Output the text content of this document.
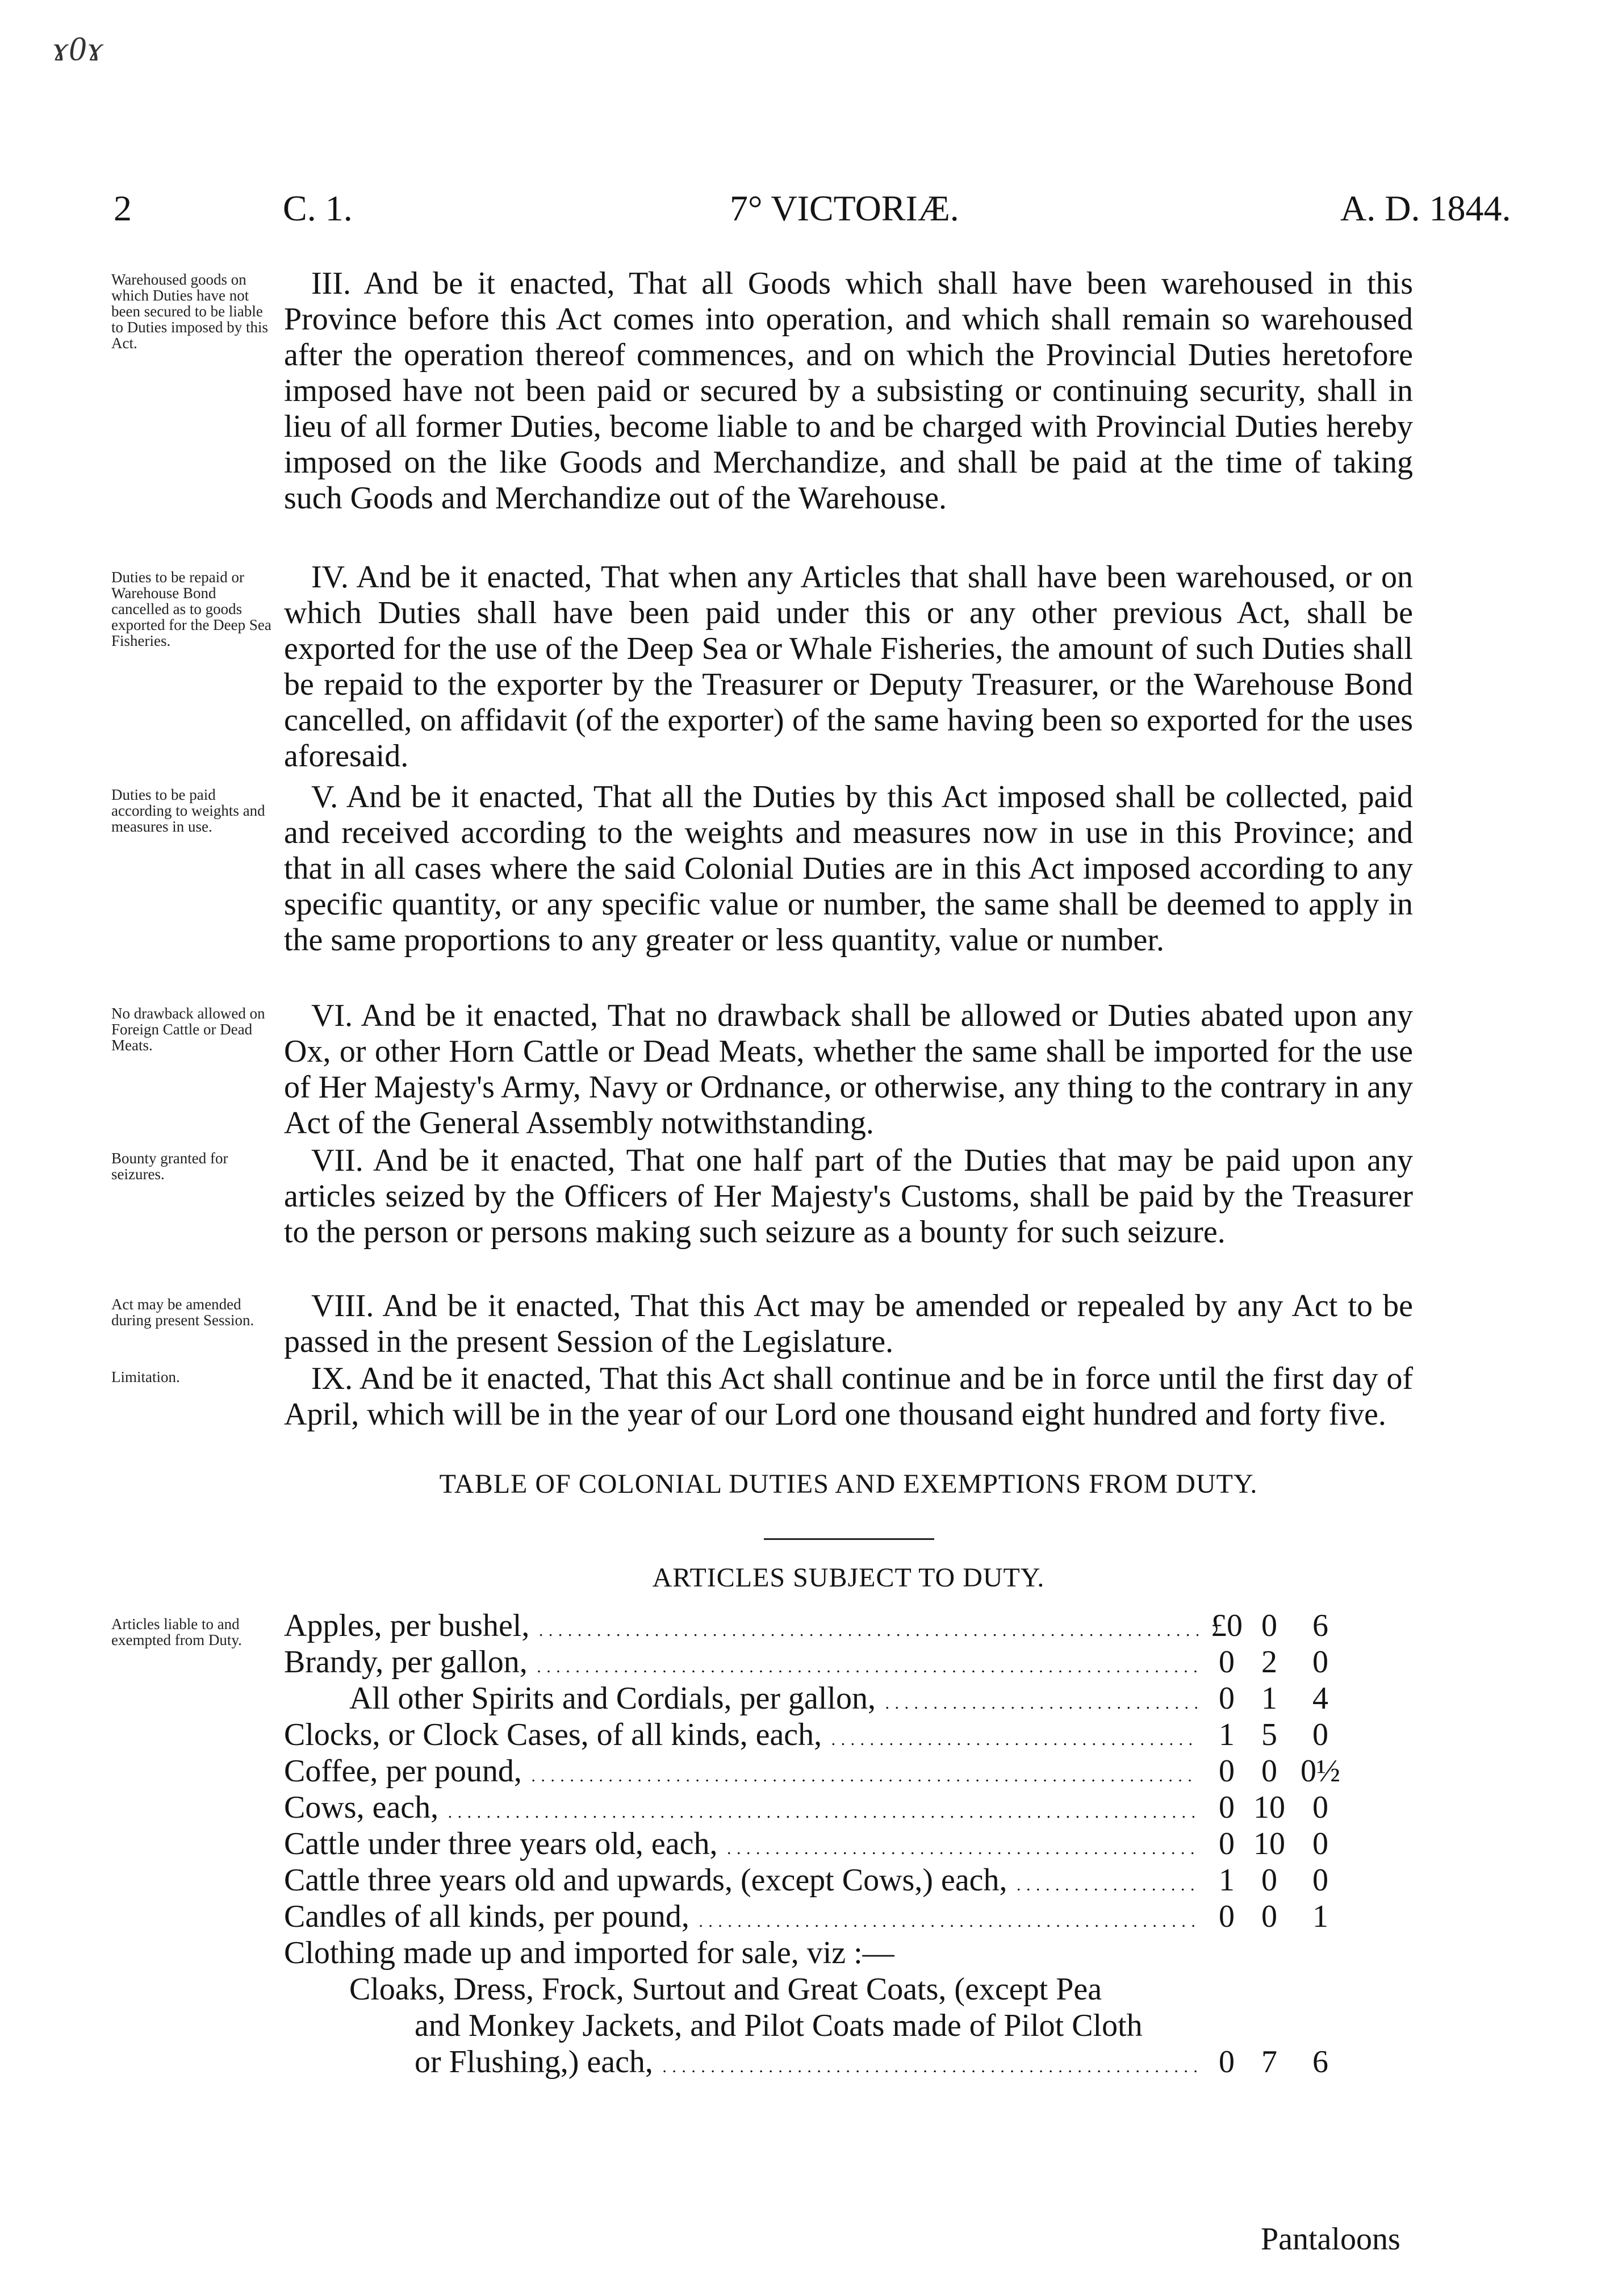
ɤ0ɤ
2	C. 1.	7° VICTORIÆ.	A. D. 1844.
Warehoused goods on which Duties have not been secured to be liable to Duties imposed by this Act.
Duties to be repaid or Warehouse Bond cancelled as to goods exported for the Deep Sea Fisheries.
Duties to be paid according to weights and measures in use.
No drawback allowed on Foreign Cattle or Dead Meats.
Bounty granted for seizures.
Act may be amended during present Session.
Limitation.
Articles liable to and exempted from Duty.

III. And be it enacted, That all Goods which shall have been warehoused in this Province before this Act comes into operation, and which shall remain so warehoused after the operation thereof commences, and on which the Provincial Duties heretofore imposed have not been paid or secured by a subsisting or continuing security, shall in lieu of all former Duties, become liable to and be charged with Provincial Duties hereby imposed on the like Goods and Merchandize, and shall be paid at the time of taking such Goods and Merchandize out of the Warehouse.

IV. And be it enacted, That when any Articles that shall have been warehoused, or on which Duties shall have been paid under this or any other previous Act, shall be exported for the use of the Deep Sea or Whale Fisheries, the amount of such Duties shall be repaid to the exporter by the Treasurer or Deputy Treasurer, or the Warehouse Bond cancelled, on affidavit (of the exporter) of the same having been so exported for the uses aforesaid.

V. And be it enacted, That all the Duties by this Act imposed shall be collected, paid and received according to the weights and measures now in use in this Province; and that in all cases where the said Colonial Duties are in this Act imposed according to any specific quantity, or any specific value or number, the same shall be deemed to apply in the same proportions to any greater or less quantity, value or number.

VI. And be it enacted, That no drawback shall be allowed or Duties abated upon any Ox, or other Horn Cattle or Dead Meats, whether the same shall be imported for the use of Her Majesty's Army, Navy or Ordnance, or otherwise, any thing to the contrary in any Act of the General Assembly notwithstanding.

VII. And be it enacted, That one half part of the Duties that may be paid upon any articles seized by the Officers of Her Majesty's Customs, shall be paid by the Treasurer to the person or persons making such seizure as a bounty for such seizure.

VIII. And be it enacted, That this Act may be amended or repealed by any Act to be passed in the present Session of the Legislature.

IX. And be it enacted, That this Act shall continue and be in force until the first day of April, which will be in the year of our Lord one thousand eight hundred and forty five.

TABLE OF COLONIAL DUTIES AND EXEMPTIONS FROM DUTY.
ARTICLES SUBJECT TO DUTY.
Apples, per bushel, . . .	£0 0	6
Brandy, per gallon, . . .	0 2	0
All other Spirits and Cordials, per gallon, . . .	0 1	4
Clocks, or Clock Cases, of all kinds, each, . . .	1 5	0
Coffee, per pound, . . .	0 0 0½
Cows, each, . . .	0 10 0
Cattle under three years old, each, . . .	0 10 0
Cattle three years old and upwards, (except Cows,) each, . . .	1 0	0
Candles of all kinds, per pound, . . .	0 0	1
Clothing made up and imported for sale, viz :—
Cloaks, Dress, Frock, Surtout and Great Coats, (except Pea
and Monkey Jackets, and Pilot Coats made of Pilot Cloth
or Flushing,) each, . . .	0 7	6
Pantaloons
